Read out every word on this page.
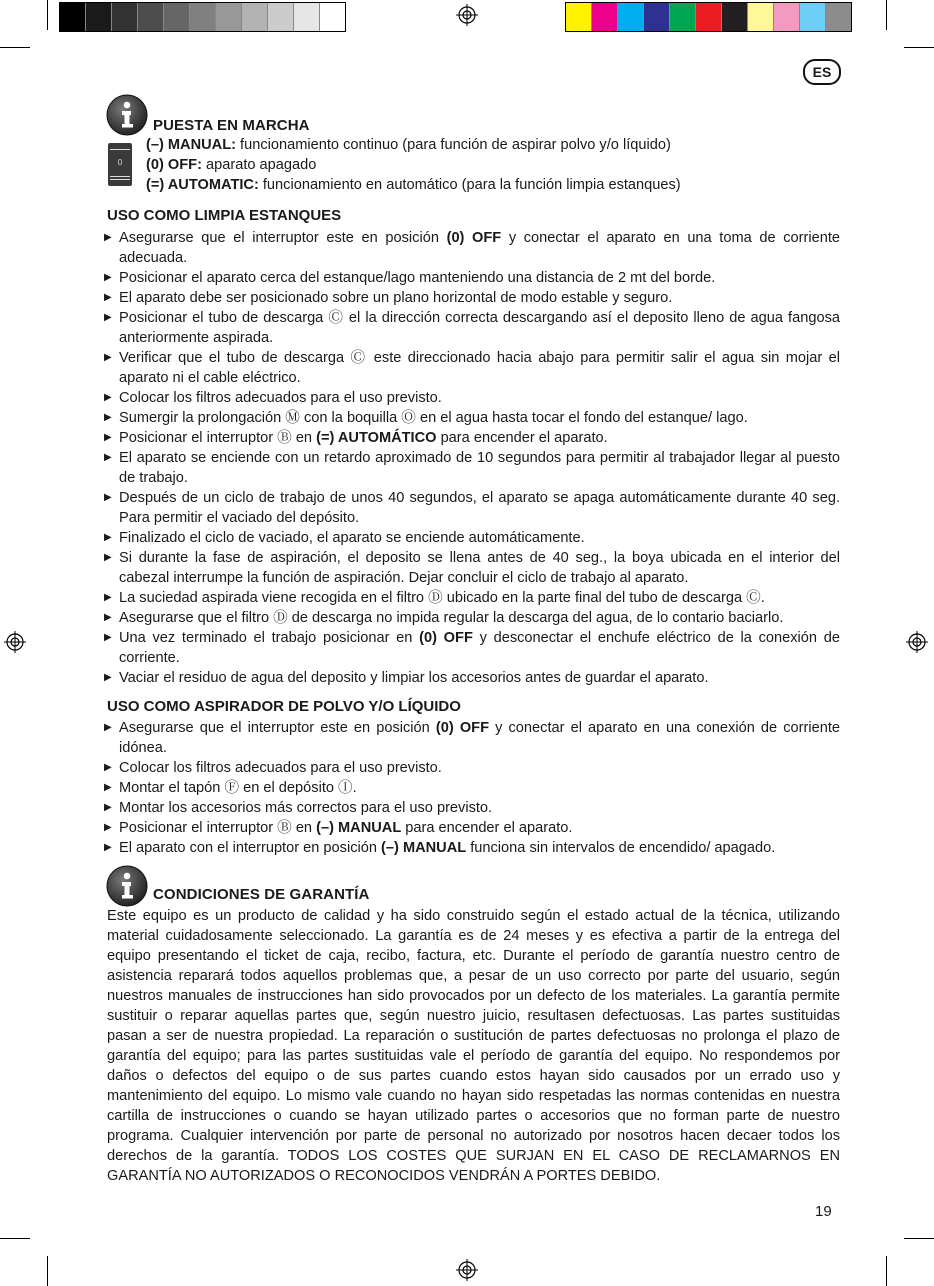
ES
PUESTA EN MARCHA
0
(–) MANUAL: funcionamiento continuo (para función de aspirar polvo y/o líquido)
(0) OFF: aparato apagado
(=) AUTOMATIC: funcionamiento en automático (para la función limpia estanques)
USO COMO LIMPIA ESTANQUES
▶ Asegurarse que el interruptor este en posición (0) OFF y conectar el aparato en una toma de corriente adecuada.
▶ Posicionar el aparato cerca del estanque/lago manteniendo una distancia de 2 mt del borde.
▶ El aparato debe ser posicionado sobre un plano horizontal de modo estable y seguro.
▶ Posicionar el tubo de descarga Ⓒ el la dirección correcta descargando así el deposito lleno de agua fangosa anteriormente aspirada.
▶ Verificar que el tubo de descarga Ⓒ este direccionado hacia abajo para permitir salir el agua sin mojar el aparato ni el cable eléctrico.
▶ Colocar los filtros adecuados para el uso previsto.
▶ Sumergir la prolongación Ⓜ con la boquilla Ⓞ en el agua hasta tocar el fondo del estanque/ lago.
▶ Posicionar el interruptor Ⓑ en (=) AUTOMÁTICO para encender el aparato.
▶ El aparato se enciende con un retardo aproximado de 10 segundos para permitir al trabajador llegar al puesto de trabajo.
▶ Después de un ciclo de trabajo de unos 40 segundos, el aparato se apaga automáticamente durante 40 seg. Para permitir el vaciado del depósito.
▶ Finalizado el ciclo de vaciado, el aparato se enciende automáticamente.
▶ Si durante la fase de aspiración, el deposito se llena antes de 40 seg., la boya ubicada en el interior del cabezal interrumpe la función de aspiración. Dejar concluir el ciclo de trabajo al aparato.
▶ La suciedad aspirada viene recogida en el filtro Ⓓ ubicado en la parte final del tubo de descarga Ⓒ.
▶ Asegurarse que el filtro Ⓓ de descarga no impida regular la descarga del agua, de lo contario baciarlo.
▶ Una vez terminado el trabajo posicionar en (0) OFF y desconectar el enchufe eléctrico de la conexión de corriente.
▶ Vaciar el residuo de agua del deposito y limpiar los accesorios antes de guardar el aparato.
USO COMO ASPIRADOR DE POLVO Y/O LÍQUIDO
▶ Asegurarse que el interruptor este en posición (0) OFF y conectar el aparato en una conexión de corriente idónea.
▶ Colocar los filtros adecuados para el uso previsto.
▶ Montar el tapón Ⓕ en el depósito Ⓘ.
▶ Montar los accesorios más correctos para el uso previsto.
▶ Posicionar el interruptor Ⓑ en (–) MANUAL para encender el aparato.
▶ El aparato con el interruptor en posición (–) MANUAL funciona sin intervalos de encendido/ apagado.
CONDICIONES DE GARANTÍA
Este equipo es un producto de calidad y ha sido construido según el estado actual de la técnica, utilizando material cuidadosamente seleccionado. La garantía es de 24 meses y es efectiva a partir de la entrega del equipo presentando el ticket de caja, recibo, factura, etc. Durante el período de garantía nuestro centro de asistencia reparará todos aquellos problemas que, a pesar de un uso correcto por parte del usuario, según nuestros manuales de instrucciones han sido provocados por un defecto de los materiales. La garantía permite sustituir o reparar aquellas partes que, según nuestro juicio, resultasen defectuosas. Las partes sustituidas pasan a ser de nuestra propiedad. La reparación o sustitución de partes defectuosas no prolonga el plazo de garantía del equipo; para las partes sustituidas vale el período de garantía del equipo. No respondemos por daños o defectos del equipo o de sus partes cuando estos hayan sido causados por un errado uso y mantenimiento del equipo. Lo mismo vale cuando no hayan sido respetadas las normas contenidas en nuestra cartilla de instrucciones o cuando se hayan utilizado partes o accesorios que no forman parte de nuestro programa. Cualquier intervención por parte de personal no autorizado por nosotros hacen decaer todos los derechos de la garantía. TODOS LOS COSTES QUE SURJAN EN EL CASO DE RECLAMARNOS EN GARANTÍA NO AUTORIZADOS O RECONOCIDOS VENDRÁN A PORTES DEBIDO.
19
